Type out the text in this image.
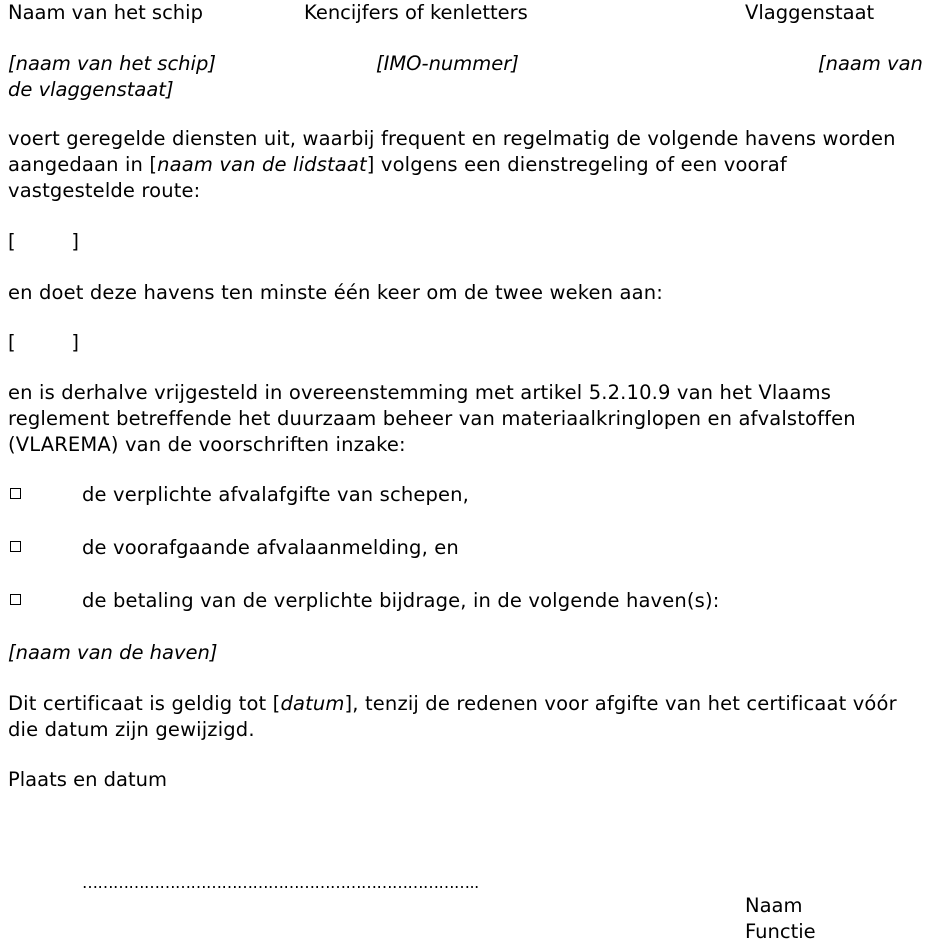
Naam van het schip	Kencijfers of kenletters	Vlaggenstaat
[naam van het schip]	[IMO-nummer]	[naam van
de vlaggenstaat]
voert geregelde diensten uit, waarbij frequent en regelmatig de volgende havens worden
aangedaan in [naam van de lidstaat] volgens een dienstregeling of een vooraf
vastgestelde route:
[         ]
en doet deze havens ten minste één keer om de twee weken aan:
[         ]
en is derhalve vrijgesteld in overeenstemming met artikel 5.2.10.9 van het Vlaams
reglement betreffende het duurzaam beheer van materiaalkringlopen en afvalstoffen
(VLAREMA) van de voorschriften inzake:
de verplichte afvalafgifte van schepen,
de voorafgaande afvalaanmelding, en
de betaling van de verplichte bijdrage, in de volgende haven(s):
[naam van de haven]
Dit certificaat is geldig tot [datum], tenzij de redenen voor afgifte van het certificaat vóór
die datum zijn gewijzigd.
Plaats en datum
…………………………………………………………………..
Naam
Functie
